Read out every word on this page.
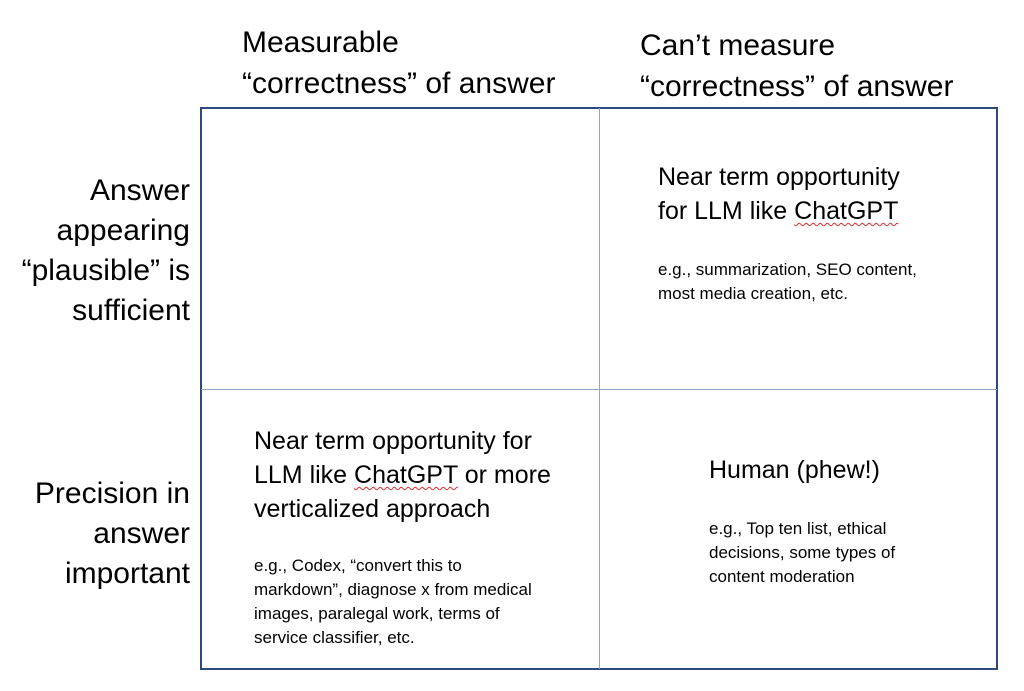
Measurable
“correctness” of answer
Can’t measure
“correctness” of answer
Answer
appearing
“plausible” is
sufficient
Precision in
answer
important
Near term opportunity
for LLM like ChatGPT
e.g., summarization, SEO content,
most media creation, etc.
Near term opportunity for
LLM like ChatGPT or more
verticalized approach
e.g., Codex, “convert this to
markdown”, diagnose x from medical
images, paralegal work, terms of
service classifier, etc.
Human (phew!)
e.g., Top ten list, ethical
decisions, some types of
content moderation
